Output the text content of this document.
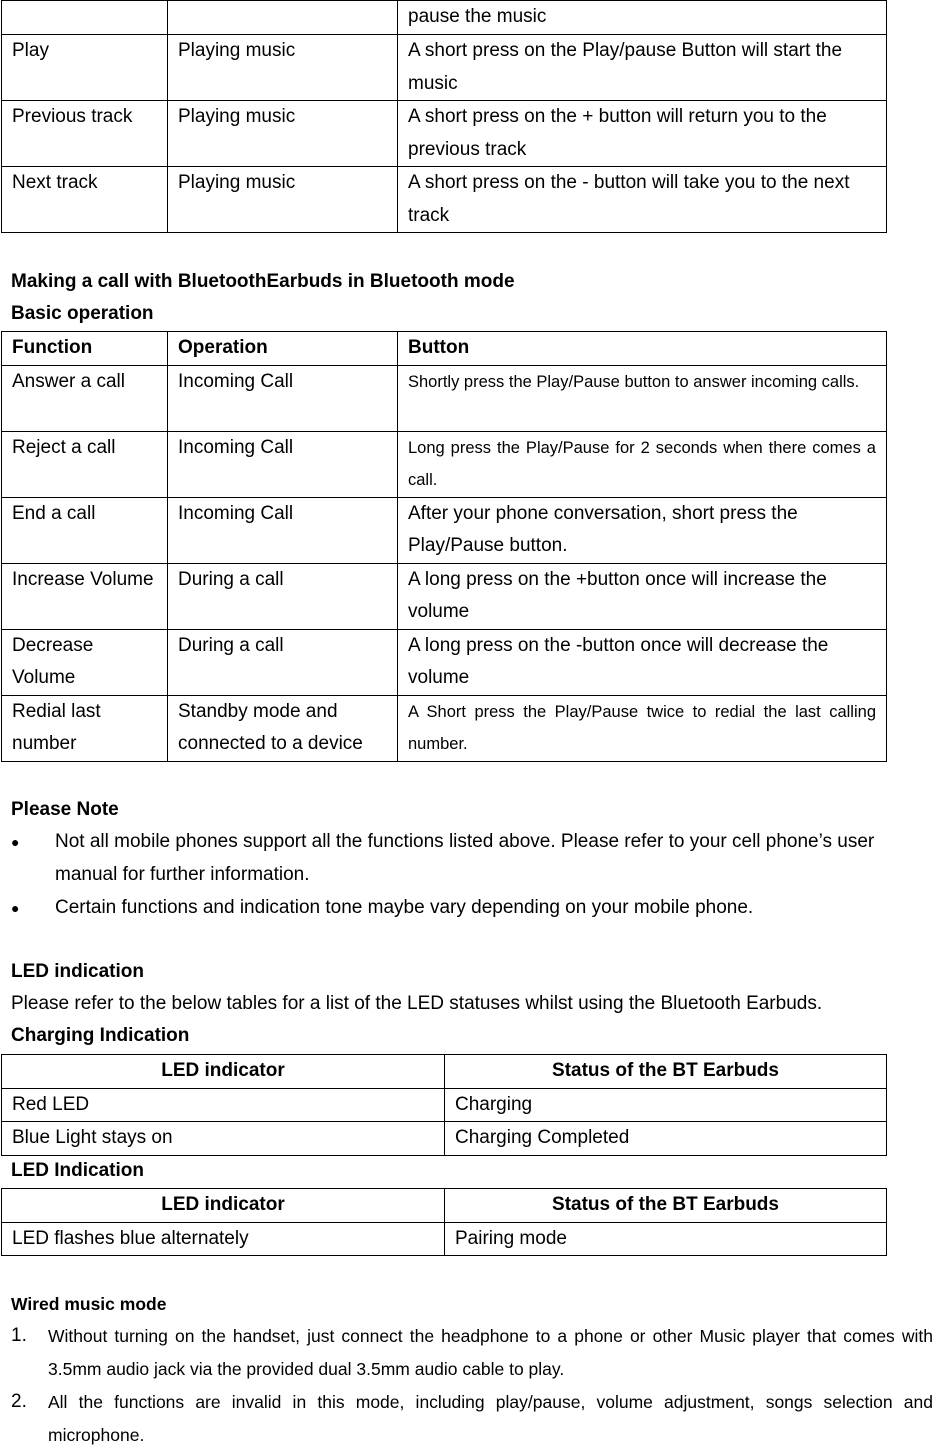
		pause the music
Play	Playing music	A short press on the Play/pause Button will start the music
Previous track	Playing music	A short press on the + button will return you to the previous track
Next track	Playing music	A short press on the - button will take you to the next track
Making a call with BluetoothEarbuds in Bluetooth mode
Basic operation
Function	Operation	Button
Answer a call	Incoming Call	Shortly press the Play/Pause button to answer incoming calls.
Reject a call	Incoming Call	Long press the Play/Pause for 2 seconds when there comes a call.
End a call	Incoming Call	After your phone conversation, short press the Play/Pause button.
Increase Volume	During a call	A long press on the +button once will increase the volume
Decrease Volume	During a call	A long press on the -button once will decrease the volume
Redial last number	Standby mode and connected to a device	A Short press the Play/Pause twice to redial the last calling number.
Please Note
● Not all mobile phones support all the functions listed above. Please refer to your cell phone’s user manual for further information.
● Certain functions and indication tone maybe vary depending on your mobile phone.
LED indication
Please refer to the below tables for a list of the LED statuses whilst using the Bluetooth Earbuds.
Charging Indication
LED indicator	Status of the BT Earbuds
Red LED	Charging
Blue Light stays on	Charging Completed
LED Indication
LED indicator	Status of the BT Earbuds
LED flashes blue alternately	Pairing mode
Wired music mode
1. Without turning on the handset, just connect the headphone to a phone or other Music player that comes with 3.5mm audio jack via the provided dual 3.5mm audio cable to play.
2. All the functions are invalid in this mode, including play/pause, volume adjustment, songs selection and microphone.
